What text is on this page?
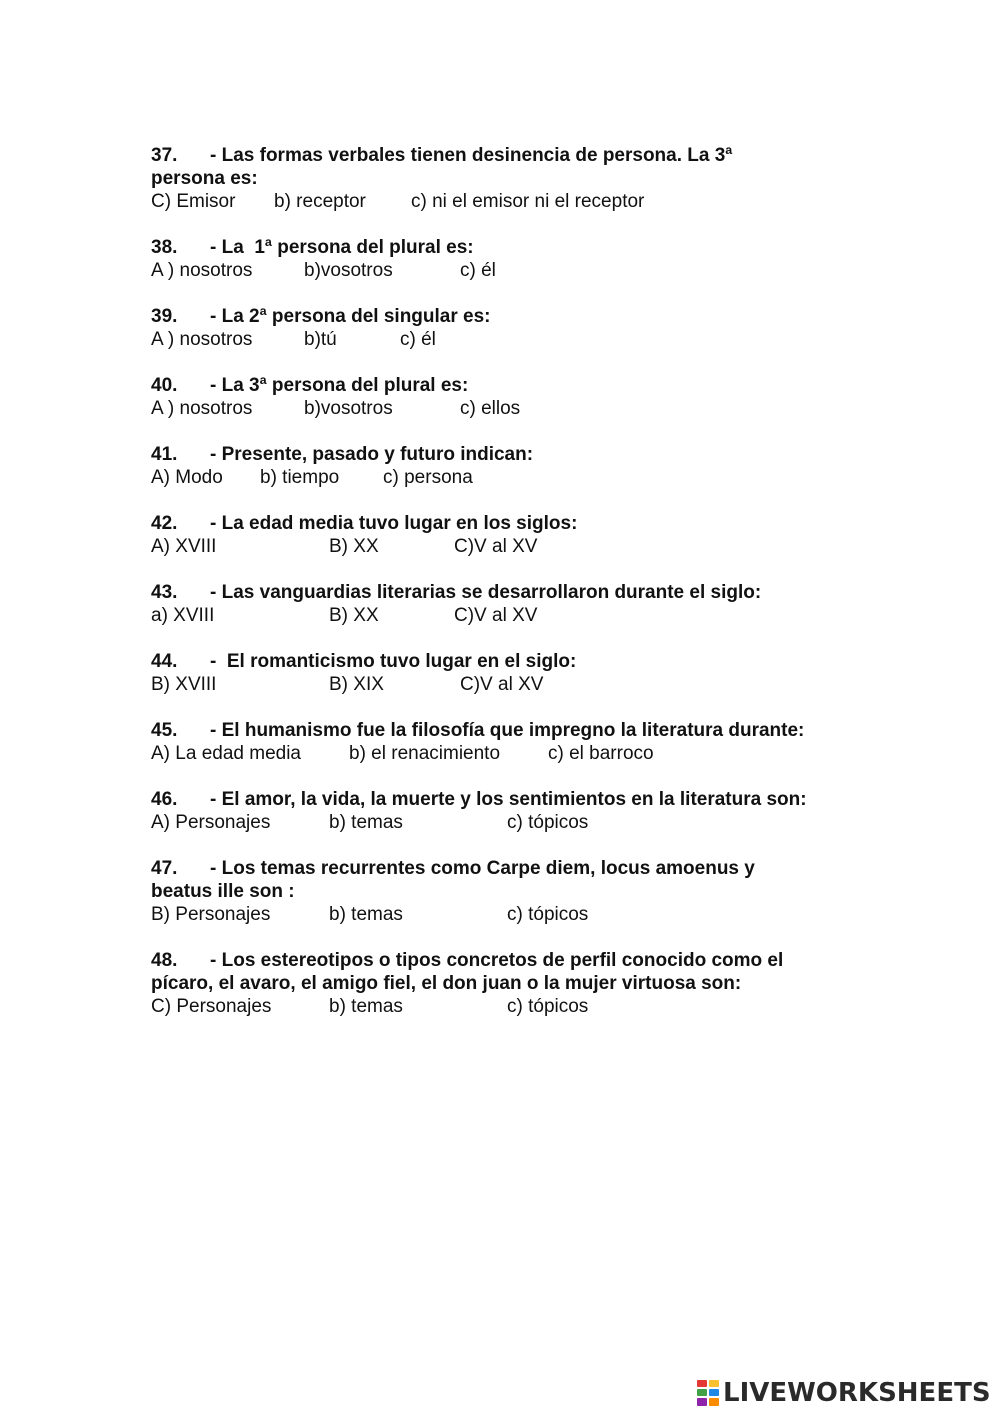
37. - Las formas verbales tienen desinencia de persona. La 3ª persona es:

C) Emisor b) receptor c) ni el emisor ni el receptor

38. - La  1ª persona del plural es:

A ) nosotros	b)vosotros	c) él

39. - La 2ª persona del singular es:

A ) nosotros	b)tú	c) él

40. - La 3ª persona del plural es:

A ) nosotros	b)vosotros	c) ellos

41. - Presente, pasado y futuro indican:

A) Modo b) tiempo c) persona

42. - La edad media tuvo lugar en los siglos:

A) XVIII	B) XX	C)V al XV

43. - Las vanguardias literarias se desarrollaron durante el siglo:

a) XVIII	B) XX	C)V al XV

44. -  El romanticismo tuvo lugar en el siglo:

B) XVIII	B) XIX	C)V al XV

45. - El humanismo fue la filosofía que impregno la literatura durante:

A) La edad media	b) el renacimiento	c) el barroco

46. - El amor, la vida, la muerte y los sentimientos en la literatura son:

A) Personajes	b) temas	c) tópicos

47. - Los temas recurrentes como Carpe diem, locus amoenus y beatus ille son :

B) Personajes	b) temas	c) tópicos

48. - Los estereotipos o tipos concretos de perfil conocido como el pícaro, el avaro, el amigo fiel, el don juan o la mujer virtuosa son:

C) Personajes	b) temas	c) tópicos
LIVEWORKSHEETS
